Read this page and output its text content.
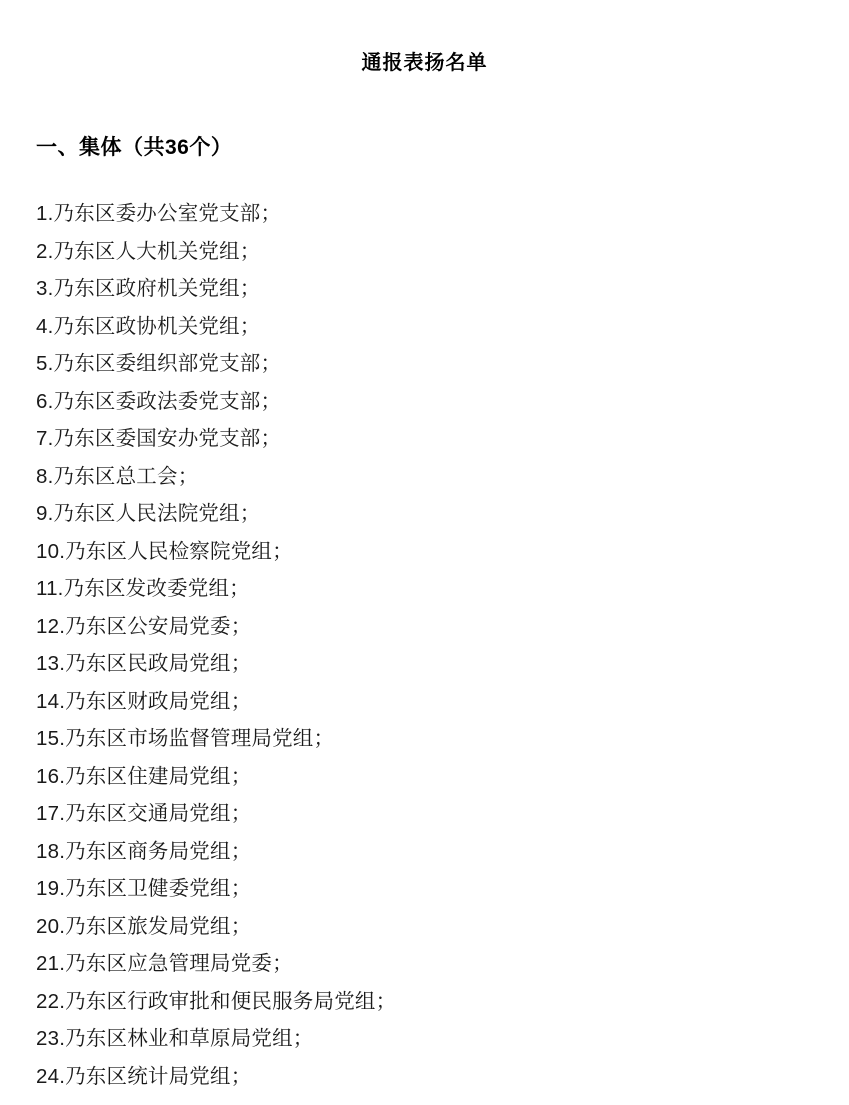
通报表扬名单
一、集体（共36个）
1.乃东区委办公室党支部；
2.乃东区人大机关党组；
3.乃东区政府机关党组；
4.乃东区政协机关党组；
5.乃东区委组织部党支部；
6.乃东区委政法委党支部；
7.乃东区委国安办党支部；
8.乃东区总工会；
9.乃东区人民法院党组；
10.乃东区人民检察院党组；
11.乃东区发改委党组；
12.乃东区公安局党委；
13.乃东区民政局党组；
14.乃东区财政局党组；
15.乃东区市场监督管理局党组；
16.乃东区住建局党组；
17.乃东区交通局党组；
18.乃东区商务局党组；
19.乃东区卫健委党组；
20.乃东区旅发局党组；
21.乃东区应急管理局党委；
22.乃东区行政审批和便民服务局党组；
23.乃东区林业和草原局党组；
24.乃东区统计局党组；
